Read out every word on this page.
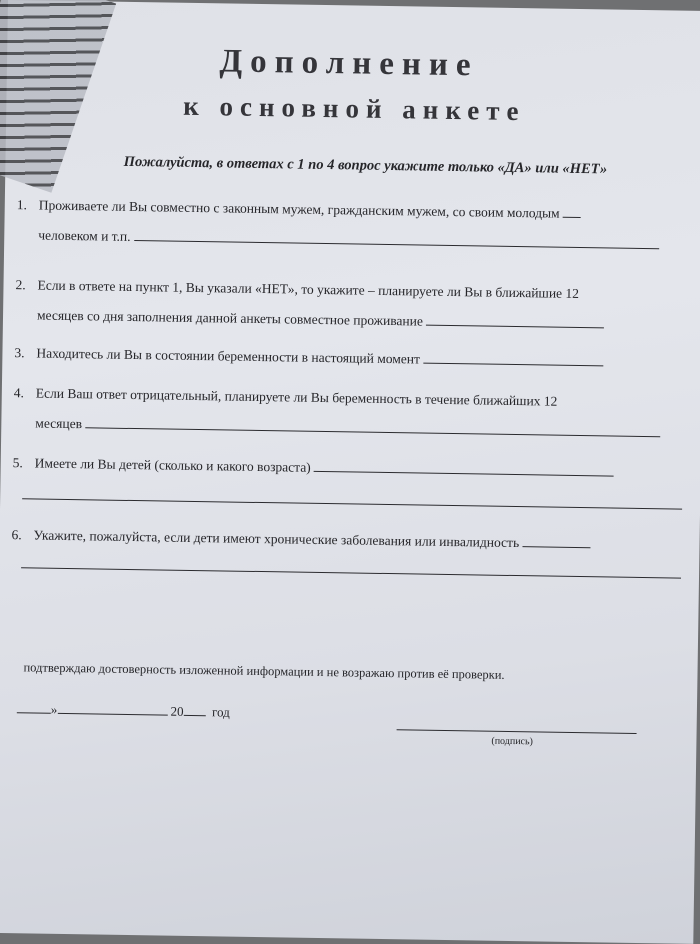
Дополнение
к основной анкете
Пожалуйста, в ответах с 1 по 4 вопрос укажите только «ДА» или «НЕТ»
1. Проживаете ли Вы совместно с законным мужем, гражданским мужем, со своим молодым
человеком и т.п.
2. Если в ответе на пункт 1, Вы указали «НЕТ», то укажите – планируете ли Вы в ближайшие 12
месяцев со дня заполнения данной анкеты совместное проживание
3. Находитесь ли Вы в состоянии беременности в настоящий момент
4. Если Ваш ответ отрицательный, планируете ли Вы беременность в течение ближайших 12
месяцев
5. Имеете ли Вы детей (сколько и какого возраста)
6. Укажите, пожалуйста, если дети имеют хронические заболевания или инвалидность
подтверждаю достоверность изложенной информации и не возражаю против её проверки.
»	20 год
(подпись)
